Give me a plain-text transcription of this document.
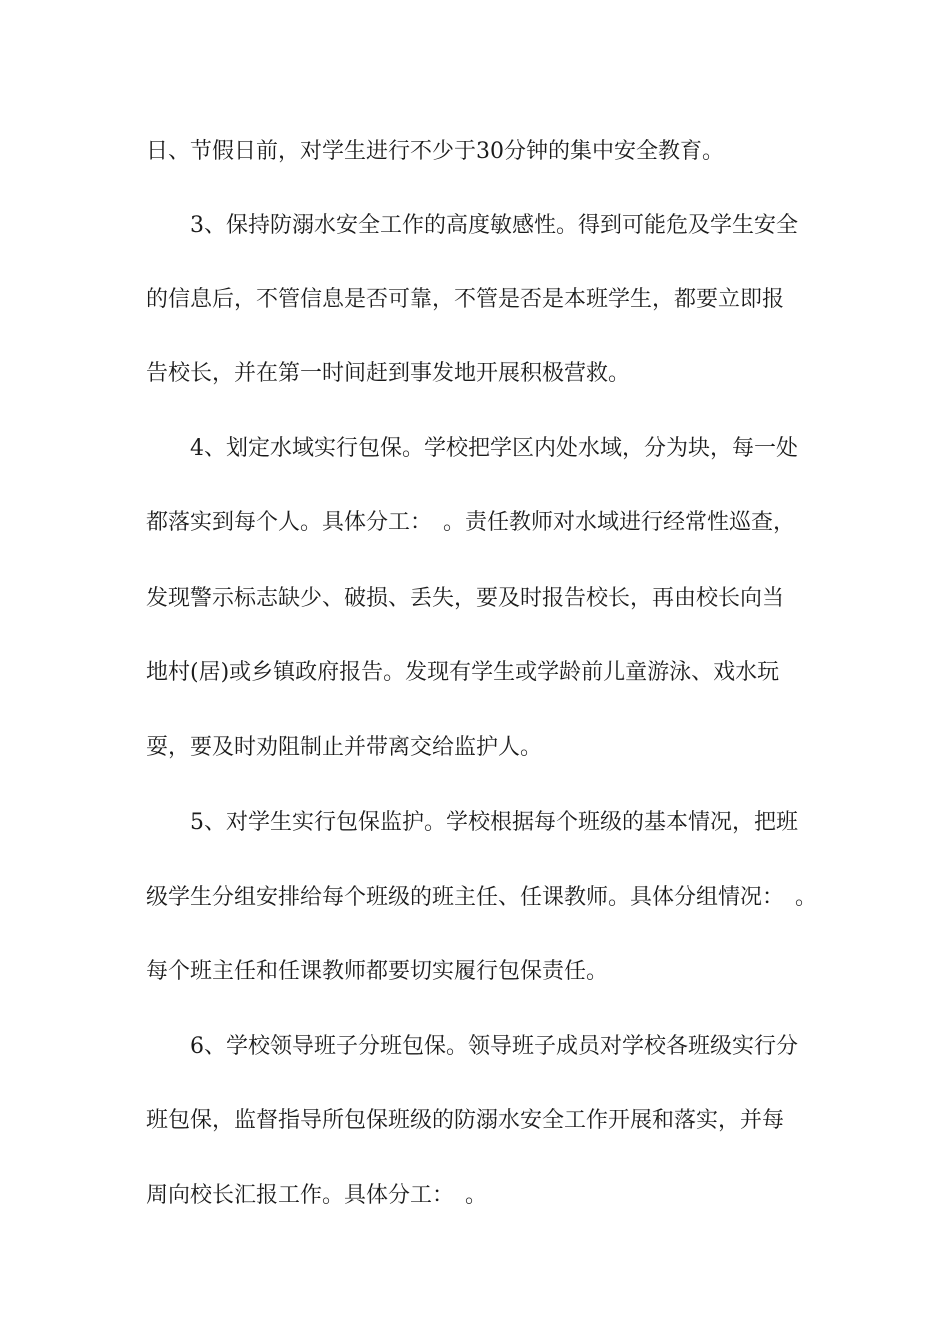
日、节假日前，对学生进行不少于30分钟的集中安全教育。
3、保持防溺水安全工作的高度敏感性。得到可能危及学生安全
的信息后，不管信息是否可靠，不管是否是本班学生，都要立即报
告校长，并在第一时间赶到事发地开展积极营救。
4、划定水域实行包保。学校把学区内处水域，分为块，每一处
都落实到每个人。具体分工：　。责任教师对水域进行经常性巡查，
发现警示标志缺少、破损、丢失，要及时报告校长，再由校长向当
地村(居)或乡镇政府报告。发现有学生或学龄前儿童游泳、戏水玩
耍，要及时劝阻制止并带离交给监护人。
5、对学生实行包保监护。学校根据每个班级的基本情况，把班
级学生分组安排给每个班级的班主任、任课教师。具体分组情况：　。
每个班主任和任课教师都要切实履行包保责任。
6、学校领导班子分班包保。领导班子成员对学校各班级实行分
班包保，监督指导所包保班级的防溺水安全工作开展和落实，并每
周向校长汇报工作。具体分工：　。
